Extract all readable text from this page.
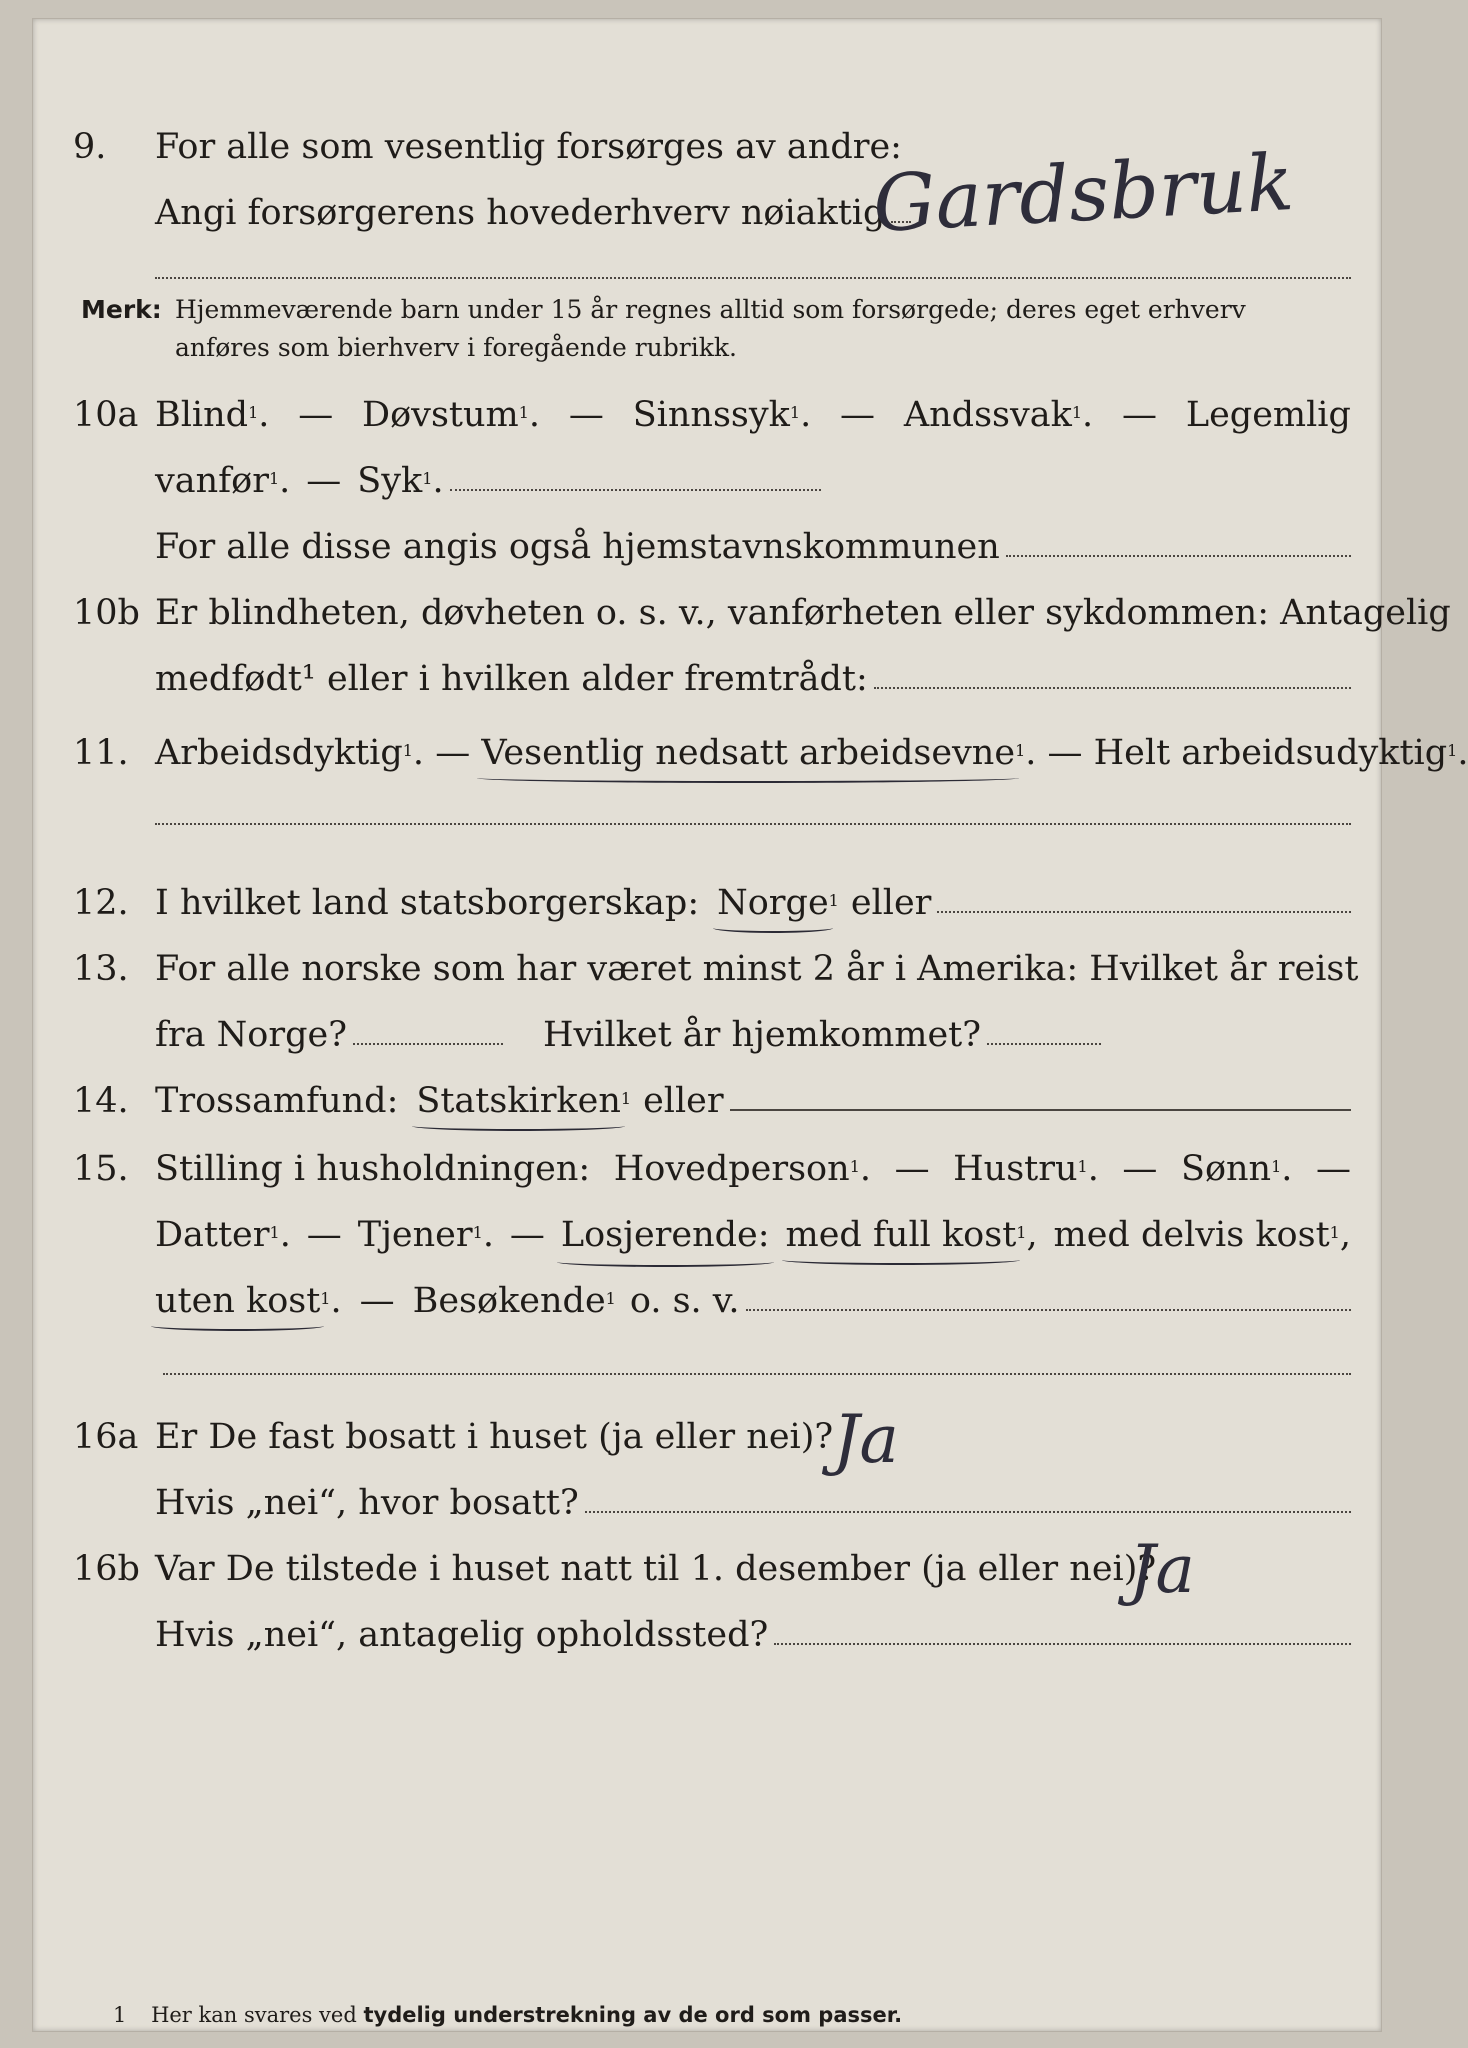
9.	For alle som vesentlig forsørges av andre:
Angi forsørgerens hovederhverv nøiaktig
Gardsbruk
Merk: Hjemmeværende barn under 15 år regnes alltid som forsørgede; deres eget erhverv anføres som bierhverv i foregående rubrikk.
10a Blind$^1$. — Døvstum$^1$. — Sinnssyk$^1$. — Andssvak$^1$. — Legemlig
vanfør$^1$. — Syk$^1$.
For alle disse angis også hjemstavnskommunen
10b Er blindheten, døvheten o. s. v., vanførheten eller sykdommen: Antagelig
medfødt¹ eller i hvilken alder fremtrådt:
11. Arbeidsdyktig$^1$. — Vesentlig nedsatt arbeidsevne$^1$. — Helt arbeidsudyktig$^1$.
12. I hvilket land statsborgerskap: Norge$^1$ eller
13. For alle norske som har været minst 2 år i Amerika: Hvilket år reist
fra Norge?	Hvilket år hjemkommet?
14. Trossamfund: Statskirken$^1$ eller
15. Stilling i husholdningen: Hovedperson$^1$. — Hustru$^1$. — Sønn$^1$. —
Datter$^1$. — Tjener$^1$. — Losjerende: med full kost$^1$, med delvis kost$^1$,
uten kost$^1$. — Besøkende$^1$ o. s. v.
16a Er De fast bosatt i huset (ja eller nei)? Ja
Hvis „nei“, hvor bosatt?
16b Var De tilstede i huset natt til 1. desember (ja eller nei)?
Ja
Hvis „nei“, antagelig opholdssted?
1 Her kan svares ved tydelig understrekning av de ord som passer.
